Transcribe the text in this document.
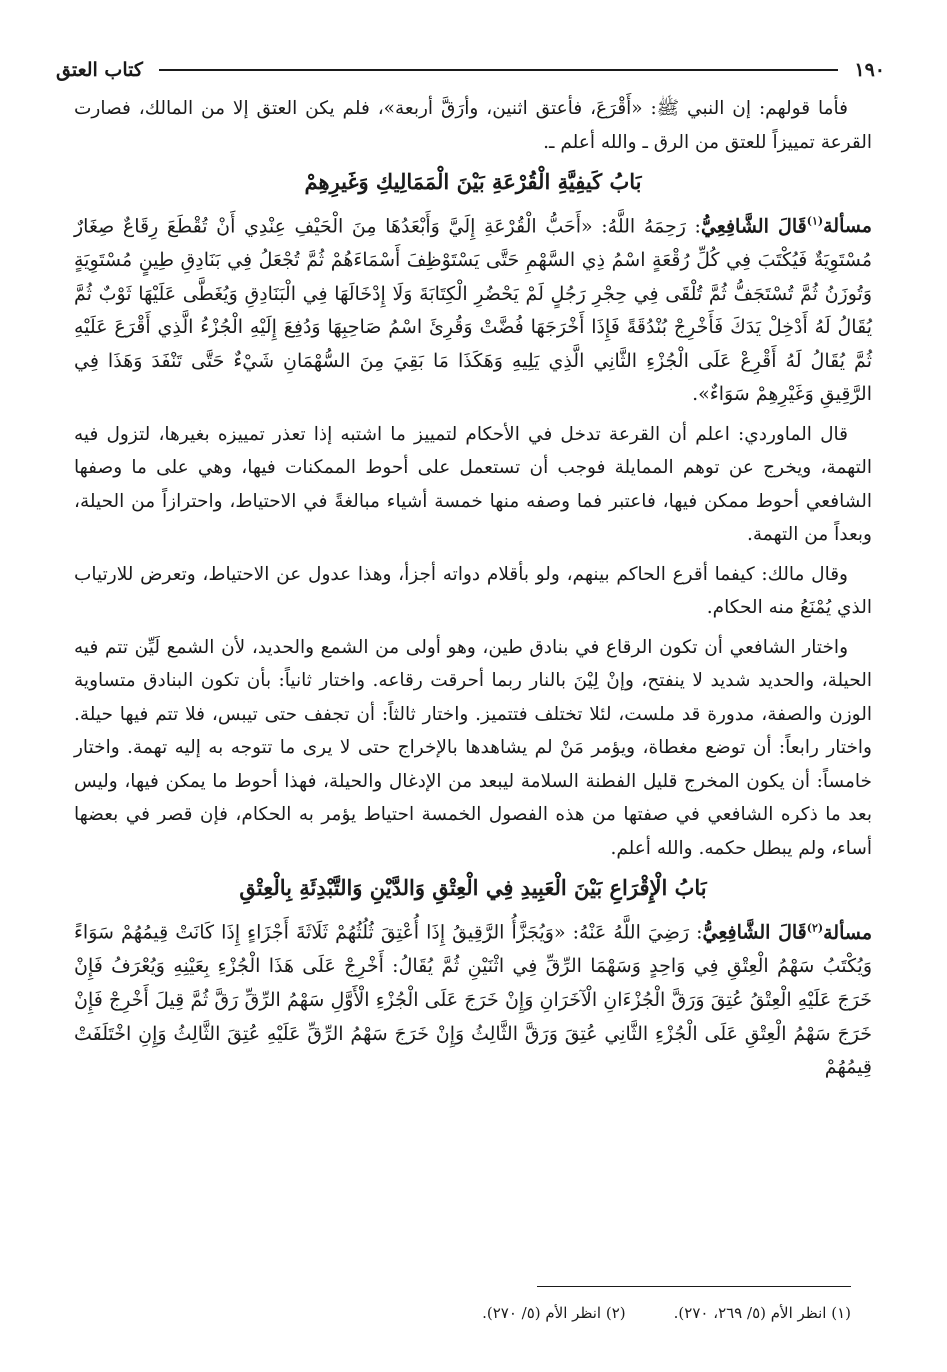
كتاب العتق	١٩٠

فأما قولهم: إن النبي ﷺ: «أَقْرَعَ، فأعتق اثنين، وأرَقَّ أربعة»، فلم يكن العتق إلا من المالك، فصارت القرعة تمييزاً للعتق من الرق ـ والله أعلم ـ.

بَابُ كَيفِيَّةِ الْقُرْعَةِ بَيْنَ الْمَمَالِيكِ وَغَيرِهِمْ

مسألة$^{(١)}$قَالَ الشَّافِعِيُّ: رَحِمَهُ اللَّهُ: «أَحَبُّ الْقُرْعَةِ إِلَيَّ وَأَبْعَدُهَا مِنَ الْحَيْفِ عِنْدِي أَنْ تُقْطَعَ رِقَاعٌ صِغَارٌ مُسْتَوِيَةٌ فَيُكْتَبَ فِي كُلِّ رُقْعَةٍ اسْمُ ذِي السَّهْمِ حَتَّى يَسْتَوْظِفَ أَسْمَاءَهُمْ ثُمَّ تُجْعَلُ فِي بَنَادِقِ طِينٍ مُسْتَوِيَةٍ وَتُوزَنُ ثُمَّ تُسْتَجَفُّ ثُمَّ تُلْقَى فِي حِجْرِ رَجُلٍ لَمْ يَحْضُرِ الْكِتَابَةَ وَلَا إِدْخَالَهَا فِي الْبَنَادِقِ وَيُغَطَّى عَلَيْهَا ثَوْبٌ ثُمَّ يُقَالُ لَهُ أَدْخِلْ يَدَكَ فَأَخْرِجْ بُنْدُقَةً فَإِذَا أَخْرَجَهَا فُضَّتْ وَقُرِئَ اسْمُ صَاحِبِهَا وَدُفِعَ إِلَيْهِ الْجُزْءُ الَّذِي أَقْرَعَ عَلَيْهِ ثُمَّ يُقَالُ لَهُ أَقْرِعْ عَلَى الْجُزْءِ الثَّانِي الَّذِي يَلِيهِ وَهَكَذَا مَا بَقِيَ مِنَ السُّهْمَانِ شَيْءٌ حَتَّى تَنْفَدَ وَهَذَا فِي الرَّقِيقِ وَغَيْرِهِمْ سَوَاءٌ».

قال الماوردي: اعلم أن القرعة تدخل في الأحكام لتمييز ما اشتبه إذا تعذر تمييزه بغيرها، لتزول فيه التهمة، ويخرج عن توهم الممايلة فوجب أن تستعمل على أحوط الممكنات فيها، وهي على ما وصفها الشافعي أحوط ممكن فيها، فاعتبر فما وصفه منها خمسة أشياء مبالغةً في الاحتياط، واحترازاً من الحيلة، وبعداً من التهمة.

وقال مالك: كيفما أقرع الحاكم بينهم، ولو بأقلام دواته أجزأ، وهذا عدول عن الاحتياط، وتعرض للارتياب الذي يُمْنَعُ منه الحكام.

واختار الشافعي أن تكون الرقاع في بنادق طين، وهو أولى من الشمع والحديد، لأن الشمع لَيِّن تتم فيه الحيلة، والحديد شديد لا ينفتح، وإنْ لِيْنَ بالنار ربما أحرقت رقاعه. واختار ثانياً: بأن تكون البنادق متساوية الوزن والصفة، مدورة قد ملست، لئلا تختلف فتتميز. واختار ثالثاً: أن تجفف حتى تيبس، فلا تتم فيها حيلة. واختار رابعاً: أن توضع مغطاة، ويؤمر مَنْ لم يشاهدها بالإخراج حتى لا يرى ما تتوجه به إليه تهمة. واختار خامساً: أن يكون المخرج قليل الفطنة السلامة ليبعد من الإدغال والحيلة، فهذا أحوط ما يمكن فيها، وليس بعد ما ذكره الشافعي في صفتها من هذه الفصول الخمسة احتياط يؤمر به الحكام، فإن قصر في بعضها أساء، ولم يبطل حكمه. والله أعلم.

بَابُ الْإِقْرَاعِ بَيْنَ الْعَبِيدِ فِي الْعِتْقِ وَالدَّيْنِ وَالتَّبْدِئَةِ بِالْعِتْقِ

مسألة$^{(٢)}$قَالَ الشَّافِعِيُّ: رَضِيَ اللَّهُ عَنْهُ: «وَيُجَزَّأُ الرَّقِيقُ إِذَا أُعْتِقَ ثُلُثُهُمْ ثَلَاثَةَ أَجْزَاءٍ إِذَا كَانَتْ قِيمُهُمْ سَوَاءً وَيُكْتَبُ سَهْمُ الْعِتْقِ فِي وَاحِدٍ وَسَهْمَا الرِّقِّ فِي اثْنَيْنِ ثُمَّ يُقَالُ: أَخْرِجْ عَلَى هَذَا الْجُزْءِ بِعَيْنِهِ وَيُعْرَفُ فَإِنْ خَرَجَ عَلَيْهِ الْعِتْقُ عُتِقَ وَرَقَّ الْجُزْءَانِ الْآخَرَانِ وَإِنْ خَرَجَ عَلَى الْجُزْءِ الْأَوَّلِ سَهْمُ الرِّقِّ رَقَّ ثُمَّ قِيلَ أَخْرِجْ فَإِنْ خَرَجَ سَهْمُ الْعِتْقِ عَلَى الْجُزْءِ الثَّانِي عُتِقَ وَرَقَّ الثَّالِثُ وَإِنْ خَرَجَ سَهْمُ الرِّقِّ عَلَيْهِ عُتِقَ الثَّالِثُ وَإِنِ اخْتَلَفَتْ قِيمُهُمْ

(١) انظر الأم (٥/ ٢٦٩، ٢٧٠).
(٢) انظر الأم (٥/ ٢٧٠).
